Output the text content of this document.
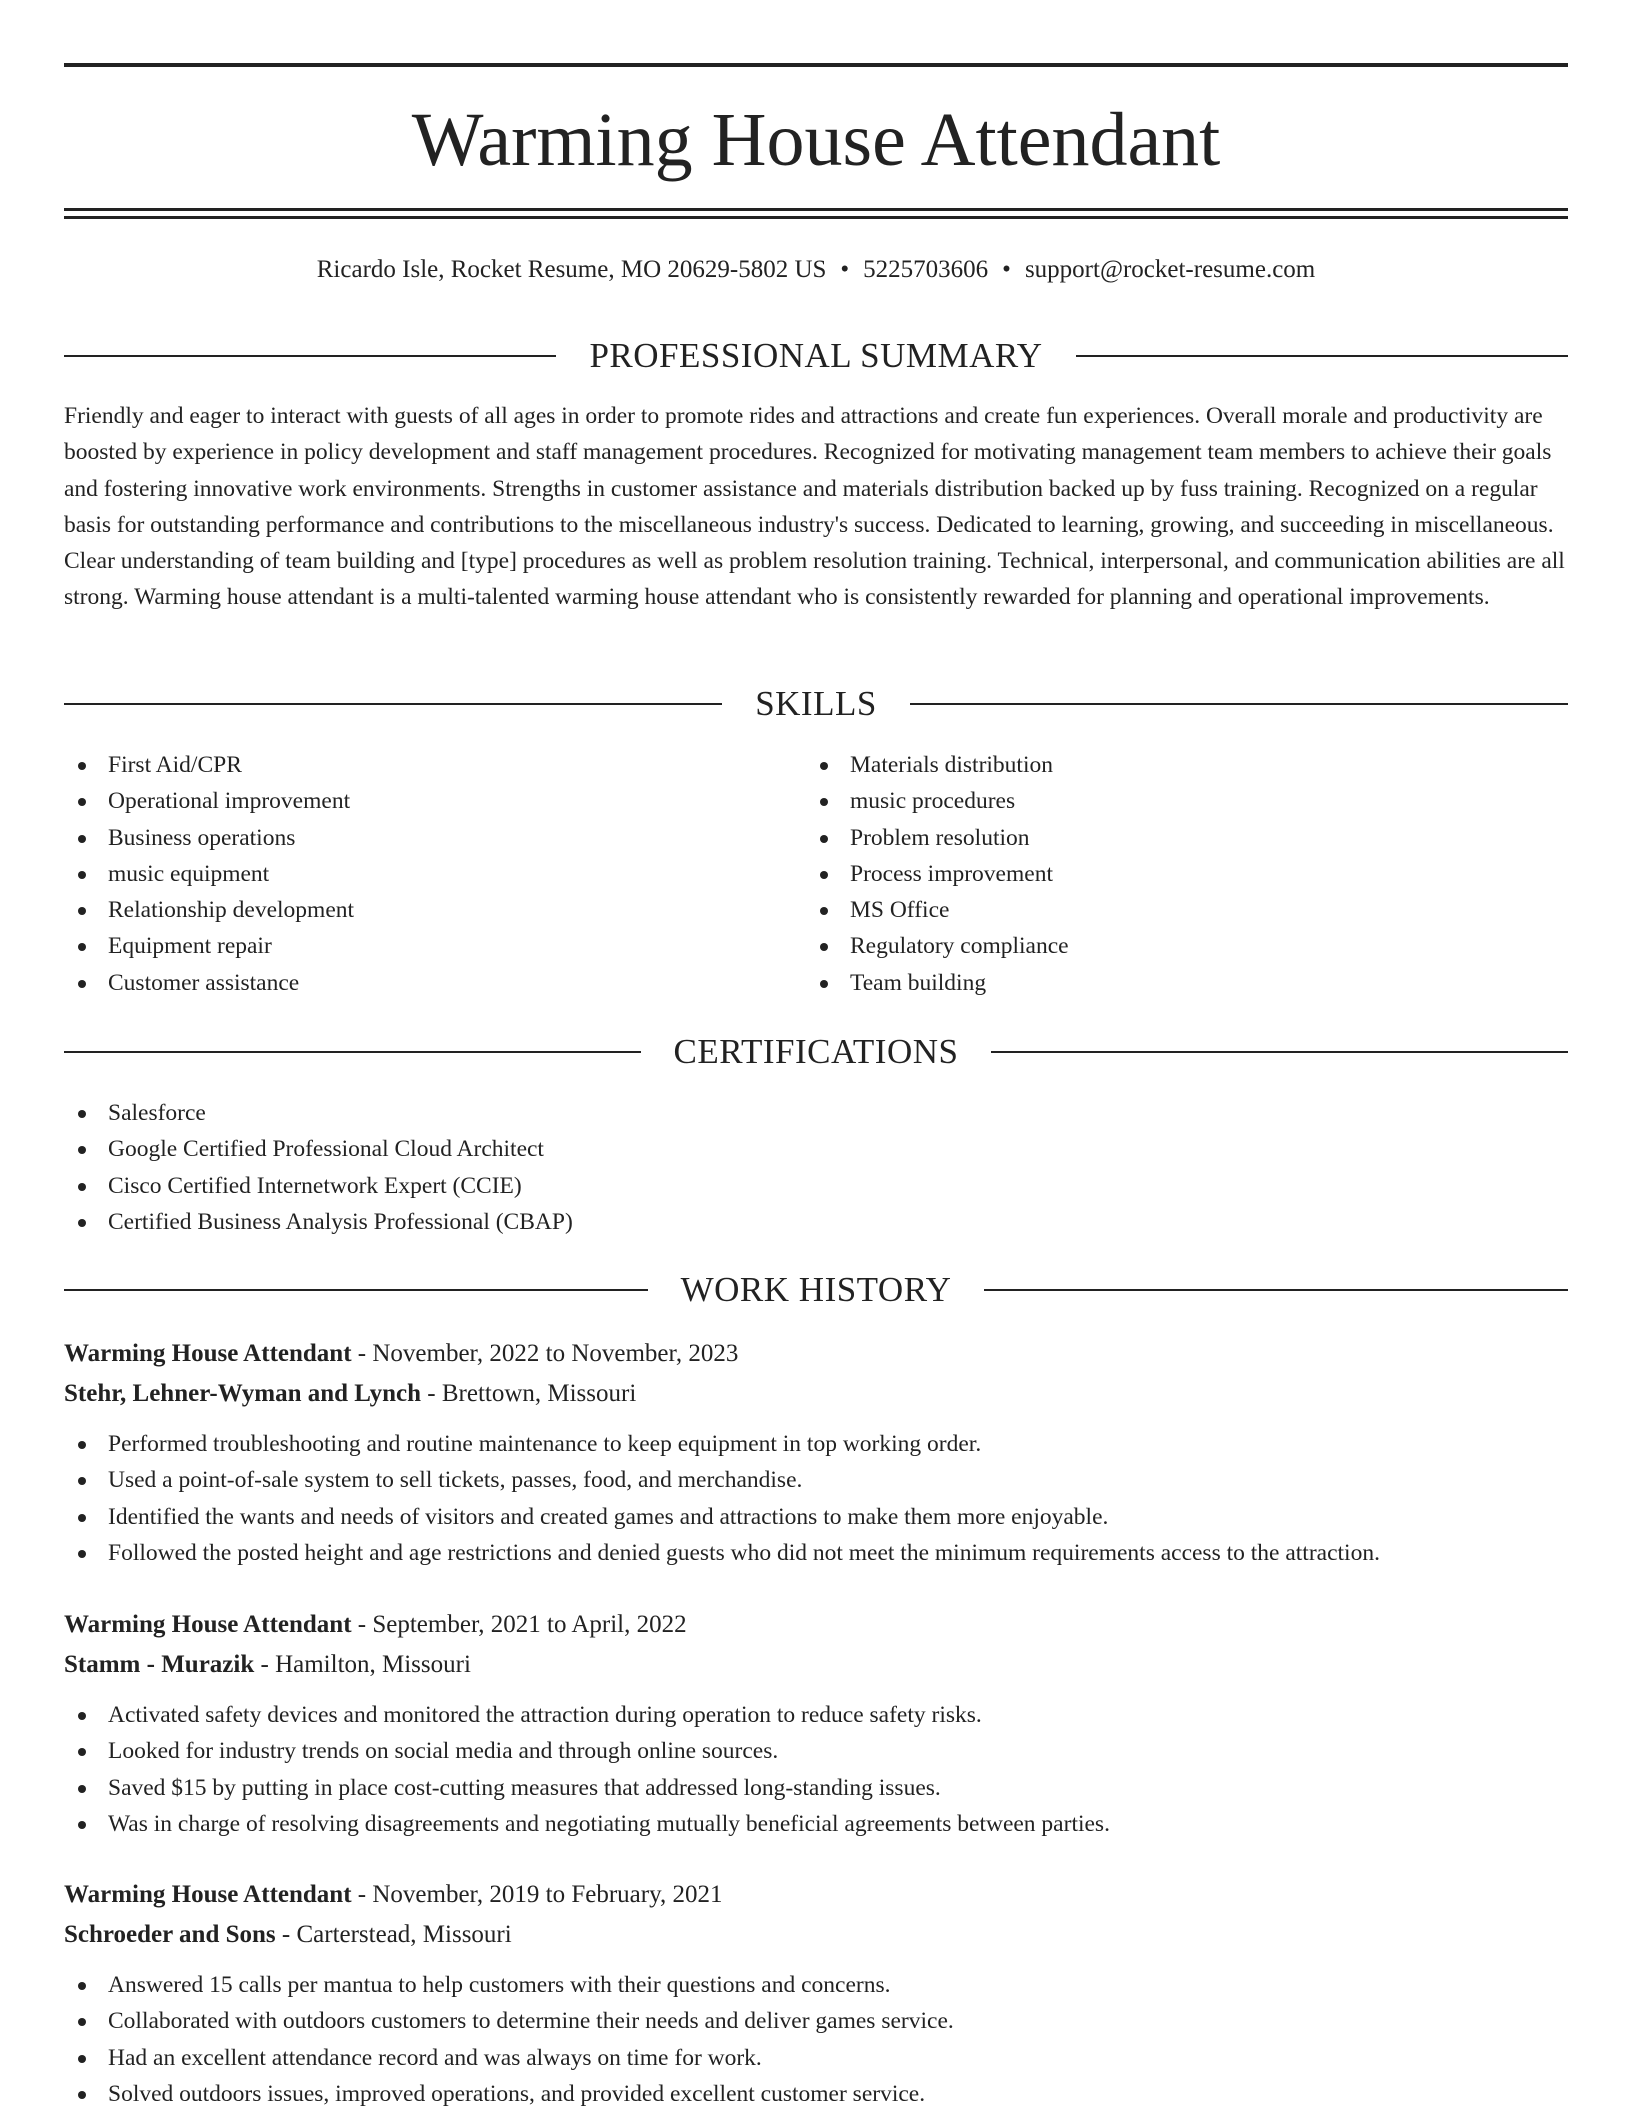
Warming House Attendant
Ricardo Isle, Rocket Resume, MO 20629-5802 US • 5225703606 • support@rocket-resume.com
PROFESSIONAL SUMMARY

Friendly and eager to interact with guests of all ages in order to promote rides and attractions and create fun experiences. Overall morale and productivity are boosted by experience in policy development and staff management procedures. Recognized for motivating management team members to achieve their goals and fostering innovative work environments. Strengths in customer assistance and materials distribution backed up by fuss training. Recognized on a regular basis for outstanding performance and contributions to the miscellaneous industry's success. Dedicated to learning, growing, and succeeding in miscellaneous. Clear understanding of team building and [type] procedures as well as problem resolution training. Technical, interpersonal, and communication abilities are all strong. Warming house attendant is a multi-talented warming house attendant who is consistently rewarded for planning and operational improvements.

SKILLS
First Aid/CPR
Operational improvement
Business operations
music equipment
Relationship development
Equipment repair
Customer assistance
Materials distribution
music procedures
Problem resolution
Process improvement
MS Office
Regulatory compliance
Team building
CERTIFICATIONS
Salesforce
Google Certified Professional Cloud Architect
Cisco Certified Internetwork Expert (CCIE)
Certified Business Analysis Professional (CBAP)
WORK HISTORY
Warming House Attendant - November, 2022 to November, 2023
Stehr, Lehner-Wyman and Lynch - Brettown, Missouri
Performed troubleshooting and routine maintenance to keep equipment in top working order.
Used a point-of-sale system to sell tickets, passes, food, and merchandise.
Identified the wants and needs of visitors and created games and attractions to make them more enjoyable.
Followed the posted height and age restrictions and denied guests who did not meet the minimum requirements access to the attraction.
Warming House Attendant - September, 2021 to April, 2022
Stamm - Murazik - Hamilton, Missouri
Activated safety devices and monitored the attraction during operation to reduce safety risks.
Looked for industry trends on social media and through online sources.
Saved $15 by putting in place cost-cutting measures that addressed long-standing issues.
Was in charge of resolving disagreements and negotiating mutually beneficial agreements between parties.
Warming House Attendant - November, 2019 to February, 2021
Schroeder and Sons - Carterstead, Missouri
Answered 15 calls per mantua to help customers with their questions and concerns.
Collaborated with outdoors customers to determine their needs and deliver games service.
Had an excellent attendance record and was always on time for work.
Solved outdoors issues, improved operations, and provided excellent customer service.
